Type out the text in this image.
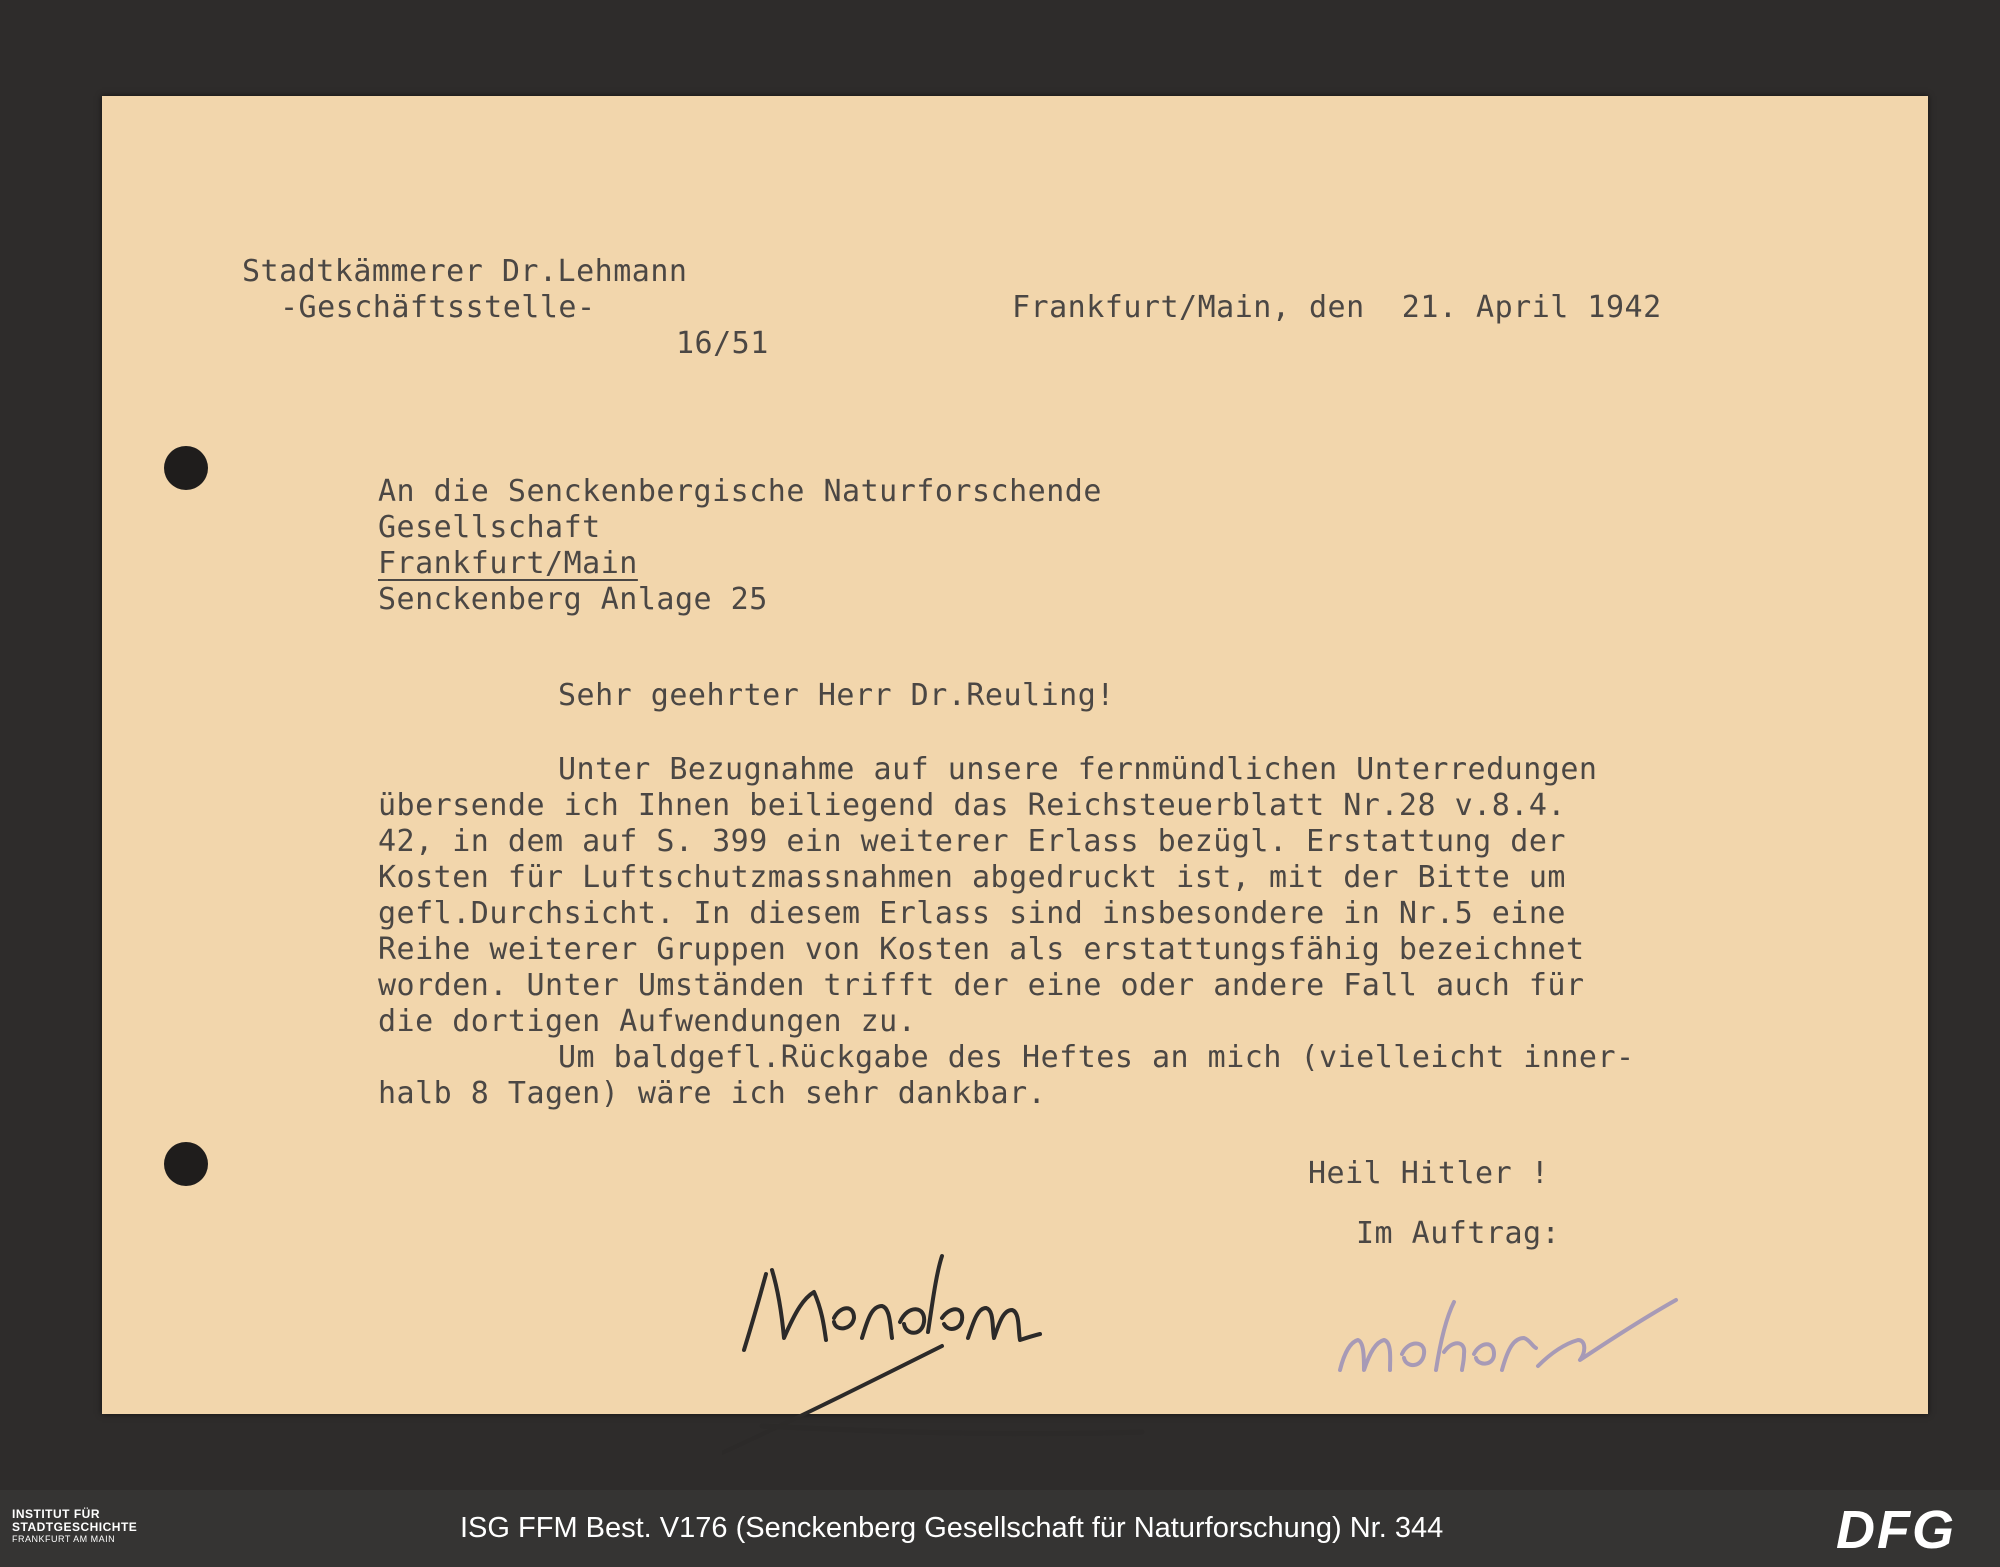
Stadtkämmerer Dr.Lehmann
-Geschäftsstelle-	Frankfurt/Main, den  21. April 1942
16/51
An die Senckenbergische Naturforschende
Gesellschaft
Frankfurt/Main
Senckenberg Anlage 25
Sehr geehrter Herr Dr.Reuling!
Unter Bezugnahme auf unsere fernmündlichen Unterredungen
übersende ich Ihnen beiliegend das Reichsteuerblatt Nr.28 v.8.4.
42, in dem auf S. 399 ein weiterer Erlass bezügl. Erstattung der
Kosten für Luftschutzmassnahmen abgedruckt ist, mit der Bitte um
gefl.Durchsicht. In diesem Erlass sind insbesondere in Nr.5 eine
Reihe weiterer Gruppen von Kosten als erstattungsfähig bezeichnet
worden. Unter Umständen trifft der eine oder andere Fall auch für
die dortigen Aufwendungen zu.
Um baldgefl.Rückgabe des Heftes an mich (vielleicht inner-
halb 8 Tagen) wäre ich sehr dankbar.
Heil Hitler !
Im Auftrag:
INSTITUT FÜR
STADTGESCHICHTE
FRANKFURT AM MAIN	ISG FFM Best. V176 (Senckenberg Gesellschaft für Naturforschung) Nr. 344	DFG
